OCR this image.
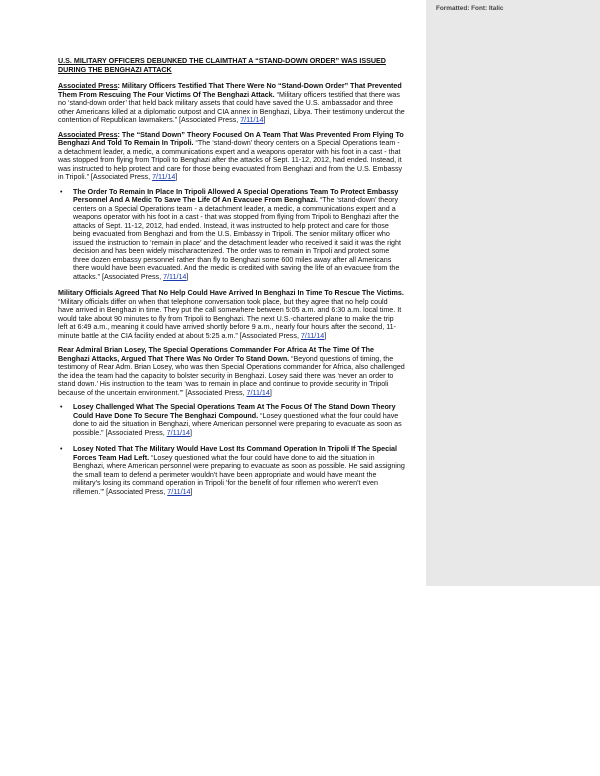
Formatted: Font: Italic

U.S. MILITARY OFFICERS DEBUNKED THE CLAIMTHAT A “STAND-DOWN ORDER” WAS ISSUED DURING THE BENGHAZI ATTACK

Associated Press: Military Officers Testified That There Were No “Stand-Down Order” That Prevented Them From Rescuing The Four Victims Of The Benghazi Attack. “Military officers testified that there was no ‘stand-down order’ that held back military assets that could have saved the U.S. ambassador and three other Americans killed at a diplomatic outpost and CIA annex in Benghazi, Libya. Their testimony undercut the contention of Republican lawmakers.” [Associated Press, 7/11/14]

Associated Press: The “Stand Down” Theory Focused On A Team That Was Prevented From Flying To Benghazi And Told To Remain In Tripoli. “The ‘stand-down’ theory centers on a Special Operations team - a detachment leader, a medic, a communications expert and a weapons operator with his foot in a cast - that was stopped from flying from Tripoli to Benghazi after the attacks of Sept. 11-12, 2012, had ended. Instead, it was instructed to help protect and care for those being evacuated from Benghazi and from the U.S. Embassy in Tripoli.” [Associated Press, 7/11/14]

• The Order To Remain In Place In Tripoli Allowed A Special Operations Team To Protect Embassy Personnel And A Medic To Save The Life Of An Evacuee From Benghazi. “The ‘stand-down’ theory centers on a Special Operations team - a detachment leader, a medic, a communications expert and a weapons operator with his foot in a cast - that was stopped from flying from Tripoli to Benghazi after the attacks of Sept. 11-12, 2012, had ended. Instead, it was instructed to help protect and care for those being evacuated from Benghazi and from the U.S. Embassy in Tripoli. The senior military officer who issued the instruction to ‘remain in place’ and the detachment leader who received it said it was the right decision and has been widely mischaracterized. The order was to remain in Tripoli and protect some three dozen embassy personnel rather than fly to Benghazi some 600 miles away after all Americans there would have been evacuated. And the medic is credited with saving the life of an evacuee from the attacks.” [Associated Press, 7/11/14]

Military Officials Agreed That No Help Could Have Arrived In Benghazi In Time To Rescue The Victims. “Military officials differ on when that telephone conversation took place, but they agree that no help could have arrived in Benghazi in time. They put the call somewhere between 5:05 a.m. and 6:30 a.m. local time. It would take about 90 minutes to fly from Tripoli to Benghazi. The next U.S.-chartered plane to make the trip left at 6:49 a.m., meaning it could have arrived shortly before 9 a.m., nearly four hours after the second, 11-minute battle at the CIA facility ended at about 5:25 a.m.” [Associated Press, 7/11/14]

Rear Admiral Brian Losey, The Special Operations Commander For Africa At The Time Of The Benghazi Attacks, Argued That There Was No Order To Stand Down. “Beyond questions of timing, the testimony of Rear Adm. Brian Losey, who was then Special Operations commander for Africa, also challenged the idea the team had the capacity to bolster security in Benghazi. Losey said there was ‘never an order to stand down.’ His instruction to the team ‘was to remain in place and continue to provide security in Tripoli because of the uncertain environment.’” [Associated Press, 7/11/14]

• Losey Challenged What The Special Operations Team At The Focus Of The Stand Down Theory Could Have Done To Secure The Benghazi Compound. “Losey questioned what the four could have done to aid the situation in Benghazi, where American personnel were preparing to evacuate as soon as possible.” [Associated Press, 7/11/14]
• Losey Noted That The Military Would Have Lost Its Command Operation In Tripoli If The Special Forces Team Had Left. “Losey questioned what the four could have done to aid the situation in Benghazi, where American personnel were preparing to evacuate as soon as possible. He said assigning the small team to defend a perimeter wouldn't have been appropriate and would have meant the military's losing its command operation in Tripoli 'for the benefit of four riflemen who weren't even riflemen.'” [Associated Press, 7/11/14]
